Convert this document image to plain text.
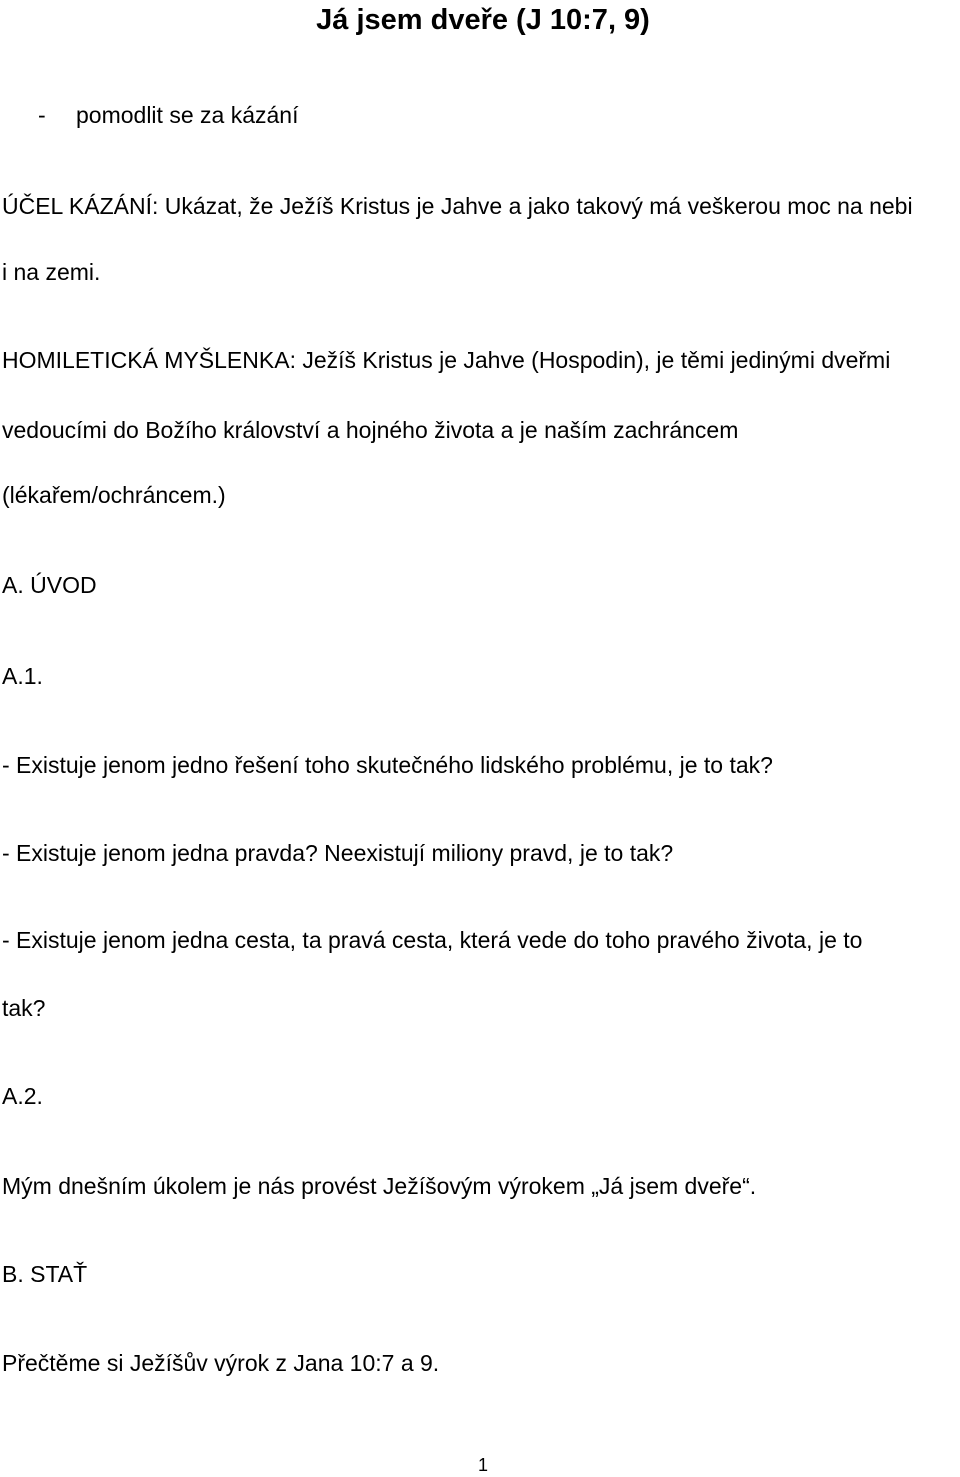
Já jsem dveře (J 10:7, 9)
- pomodlit se za kázání
ÚČEL KÁZÁNÍ: Ukázat, že Ježíš Kristus je Jahve a jako takový má veškerou moc na nebi
i na zemi.
HOMILETICKÁ MYŠLENKA: Ježíš Kristus je Jahve (Hospodin), je těmi jedinými dveřmi
vedoucími do Božího království a hojného života a je naším zachráncem
(lékařem/ochráncem.)
A. ÚVOD
A.1.
- Existuje jenom jedno řešení toho skutečného lidského problému, je to tak?
- Existuje jenom jedna pravda? Neexistují miliony pravd, je to tak?
- Existuje jenom jedna cesta, ta pravá cesta, která vede do toho pravého života, je to
tak?
A.2.
Mým dnešním úkolem je nás provést Ježíšovým výrokem „Já jsem dveře“.
B. STAŤ
Přečtěme si Ježíšův výrok z Jana 10:7 a 9.
1
